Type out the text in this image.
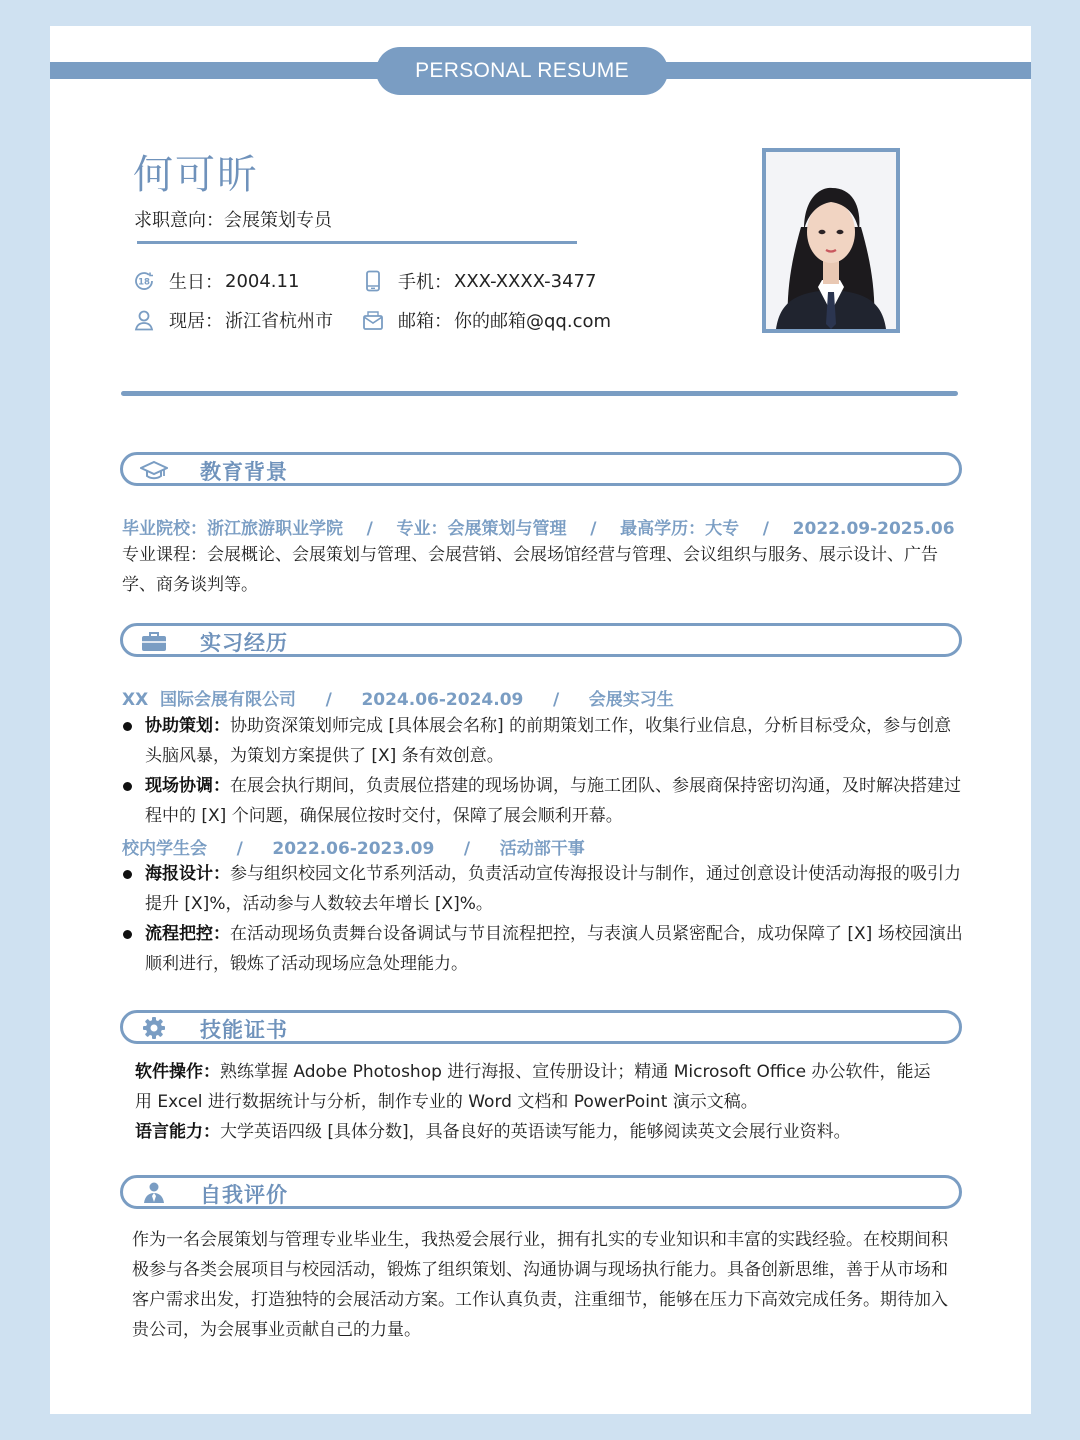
PERSONAL RESUME
何可昕
求职意向：会展策划专员
18 生日： 2004.11	手机： XXX-XXXX-3477
现居： 浙江省杭州市	邮箱： 你的邮箱@qq.com
教育背景
毕业院校：浙江旅游职业学院    /    专业：会展策划与管理    /    最高学历：大专    /    2022.09-2025.06
专业课程：会展概论、会展策划与管理、会展营销、会展场馆经营与管理、会议组织与服务、展示设计、广告学、商务谈判等。
实习经历
XX  国际会展有限公司     /     2024.06-2024.09     /     会展实习生
协助策划：协助资深策划师完成 [具体展会名称] 的前期策划工作，收集行业信息，分析目标受众，参与创意头脑风暴，为策划方案提供了 [X] 条有效创意。
现场协调：在展会执行期间，负责展位搭建的现场协调，与施工团队、参展商保持密切沟通，及时解决搭建过程中的 [X] 个问题，确保展位按时交付，保障了展会顺利开幕。
校内学生会     /     2022.06-2023.09     /     活动部干事
海报设计：参与组织校园文化节系列活动，负责活动宣传海报设计与制作，通过创意设计使活动海报的吸引力提升 [X]%，活动参与人数较去年增长 [X]%。
流程把控：在活动现场负责舞台设备调试与节目流程把控，与表演人员紧密配合，成功保障了 [X] 场校园演出顺利进行，锻炼了活动现场应急处理能力。
技能证书
软件操作：熟练掌握 Adobe Photoshop 进行海报、宣传册设计；精通 Microsoft Office 办公软件，能运用 Excel 进行数据统计与分析，制作专业的 Word 文档和 PowerPoint 演示文稿。
语言能力：大学英语四级 [具体分数]，具备良好的英语读写能力，能够阅读英文会展行业资料。
自我评价
作为一名会展策划与管理专业毕业生，我热爱会展行业，拥有扎实的专业知识和丰富的实践经验。在校期间积极参与各类会展项目与校园活动，锻炼了组织策划、沟通协调与现场执行能力。具备创新思维，善于从市场和客户需求出发，打造独特的会展活动方案。工作认真负责，注重细节，能够在压力下高效完成任务。期待加入贵公司，为会展事业贡献自己的力量。
